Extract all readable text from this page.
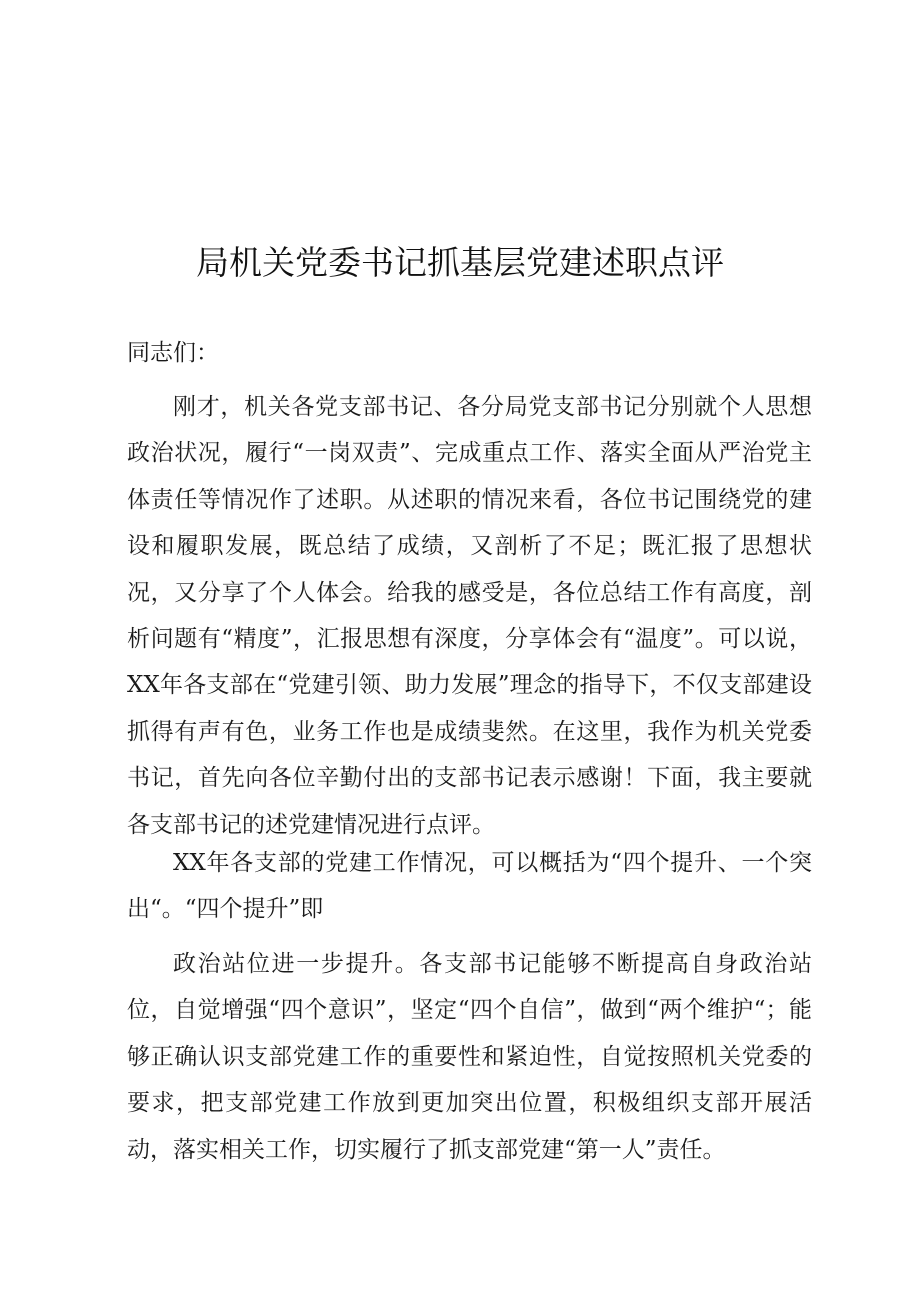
局机关党委书记抓基层党建述职点评

同志们：

刚才，机关各党支部书记、各分局党支部书记分别就个人思想政治状况，履行“一岗双责”、完成重点工作、落实全面从严治党主体责任等情况作了述职。从述职的情况来看，各位书记围绕党的建设和履职发展，既总结了成绩，又剖析了不足；既汇报了思想状况，又分享了个人体会。给我的感受是，各位总结工作有高度，剖析问题有“精度”，汇报思想有深度，分享体会有“温度”。可以说，XX年各支部在“党建引领、助力发展”理念的指导下，不仅支部建设抓得有声有色，业务工作也是成绩斐然。在这里，我作为机关党委书记，首先向各位辛勤付出的支部书记表示感谢！下面，我主要就各支部书记的述党建情况进行点评。

XX年各支部的党建工作情况，可以概括为“四个提升、一个突出“。“四个提升”即

政治站位进一步提升。各支部书记能够不断提高自身政治站位，自觉增强“四个意识”，坚定“四个自信”，做到“两个维护“；能够正确认识支部党建工作的重要性和紧迫性，自觉按照机关党委的要求，把支部党建工作放到更加突出位置，积极组织支部开展活动，落实相关工作，切实履行了抓支部党建“第一人”责任。
